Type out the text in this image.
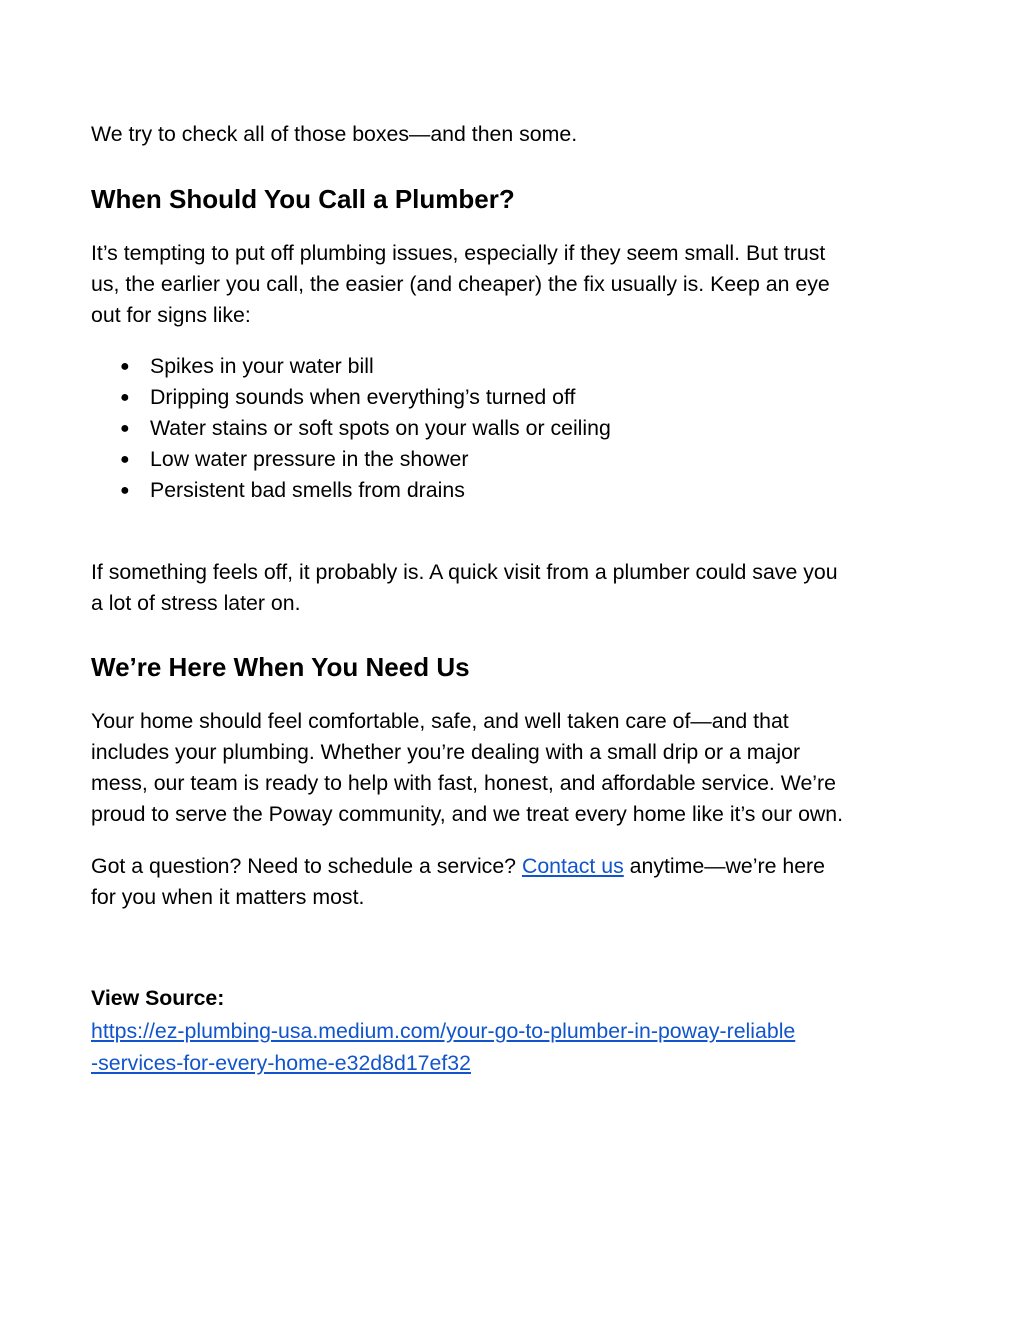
We try to check all of those boxes—and then some.

When Should You Call a Plumber?

It’s tempting to put off plumbing issues, especially if they seem small. But trust

us, the earlier you call, the easier (and cheaper) the fix usually is. Keep an eye

out for signs like:

● Spikes in your water bill
● Dripping sounds when everything’s turned off
● Water stains or soft spots on your walls or ceiling
● Low water pressure in the shower
● Persistent bad smells from drains

If something feels off, it probably is. A quick visit from a plumber could save you

a lot of stress later on.

We’re Here When You Need Us

Your home should feel comfortable, safe, and well taken care of—and that

includes your plumbing. Whether you’re dealing with a small drip or a major

mess, our team is ready to help with fast, honest, and affordable service. We’re

proud to serve the Poway community, and we treat every home like it’s our own.

Got a question? Need to schedule a service? Contact us anytime—we’re here

for you when it matters most.

View Source:

https://ez-plumbing-usa.medium.com/your-go-to-plumber-in-poway-reliable

-services-for-every-home-e32d8d17ef32
